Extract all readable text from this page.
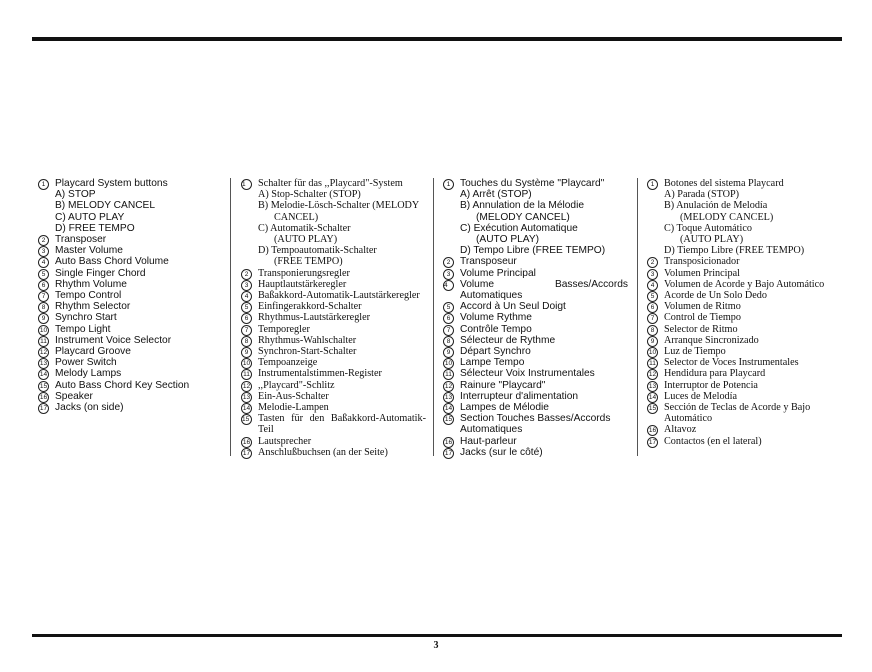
1 Playcard System buttons
A) STOP
B) MELODY CANCEL
C) AUTO PLAY
D) FREE TEMPO
2 Transposer
3 Master Volume
4 Auto Bass Chord Volume
5 Single Finger Chord
6 Rhythm Volume
7 Tempo Control
8 Rhythm Selector
9 Synchro Start
10 Tempo Light
11 Instrument Voice Selector
12 Playcard Groove
13 Power Switch
14 Melody Lamps
15 Auto Bass Chord Key Section
16 Speaker
17 Jacks (on side)
1	Schalter für das ,,Playcard"-System
A) Stop-Schalter (STOP)
B) Melodie-Lösch-Schalter (MELODY
CANCEL)
C) Automatik-Schalter
(AUTO PLAY)
D) Tempoautomatik-Schalter
(FREE TEMPO)
2 Transponierungsregler
3 Hauptlautstärkeregler
4 Baßakkord-Automatik-Lautstärkeregler
5 Einfingerakkord-Schalter
6 Rhythmus-Lautstärkeregler
7 Temporegler
8 Rhythmus-Wahlschalter
9 Synchron-Start-Schalter
10 Tempoanzeige
11 Instrumentalstimmen-Register
12 ,,Playcard"-Schlitz
13 Ein-Aus-Schalter
14 Melodie-Lampen
15 Tasten für den Baßakkord-Automatik-Teil
16 Lautsprecher
17 Anschlußbuchsen (an der Seite)
1 Touches du Système "Playcard"
A) Arrêt (STOP)
B) Annulation de la Mélodie
(MELODY CANCEL)
C) Exécution Automatique
(AUTO PLAY)
D) Tempo Libre (FREE TEMPO)
2 Transposeur
3 Volume Principal
4	Volume Basses/Accords Automatiques
5 Accord à Un Seul Doigt
6 Volume Rythme
7 Contrôle Tempo
8 Sélecteur de Rythme
9 Départ Synchro
10 Lampe Tempo
11 Sélecteur Voix Instrumentales
12 Rainure "Playcard"
13 Interrupteur d'alimentation
14 Lampes de Mélodie
15 Section Touches Basses/Accords Automatiques
16 Haut-parleur
17 Jacks (sur le côté)
1 Botones del sistema Playcard
A) Parada (STOP)
B) Anulación de Melodía
(MELODY CANCEL)
C) Toque Automático
(AUTO PLAY)
D) Tiempo Libre (FREE TEMPO)
2 Transposicionador
3 Volumen Principal
4 Volumen de Acorde y Bajo Automático
5 Acorde de Un Solo Dedo
6 Volumen de Ritmo
7 Control de Tiempo
8 Selector de Ritmo
9 Arranque Sincronizado
10 Luz de Tiempo
11 Selector de Voces Instrumentales
12 Hendidura para Playcard
13 Interruptor de Potencia
14 Luces de Melodía
15 Sección de Teclas de Acorde y Bajo Automático
16 Altavoz
17 Contactos (en el lateral)
3
